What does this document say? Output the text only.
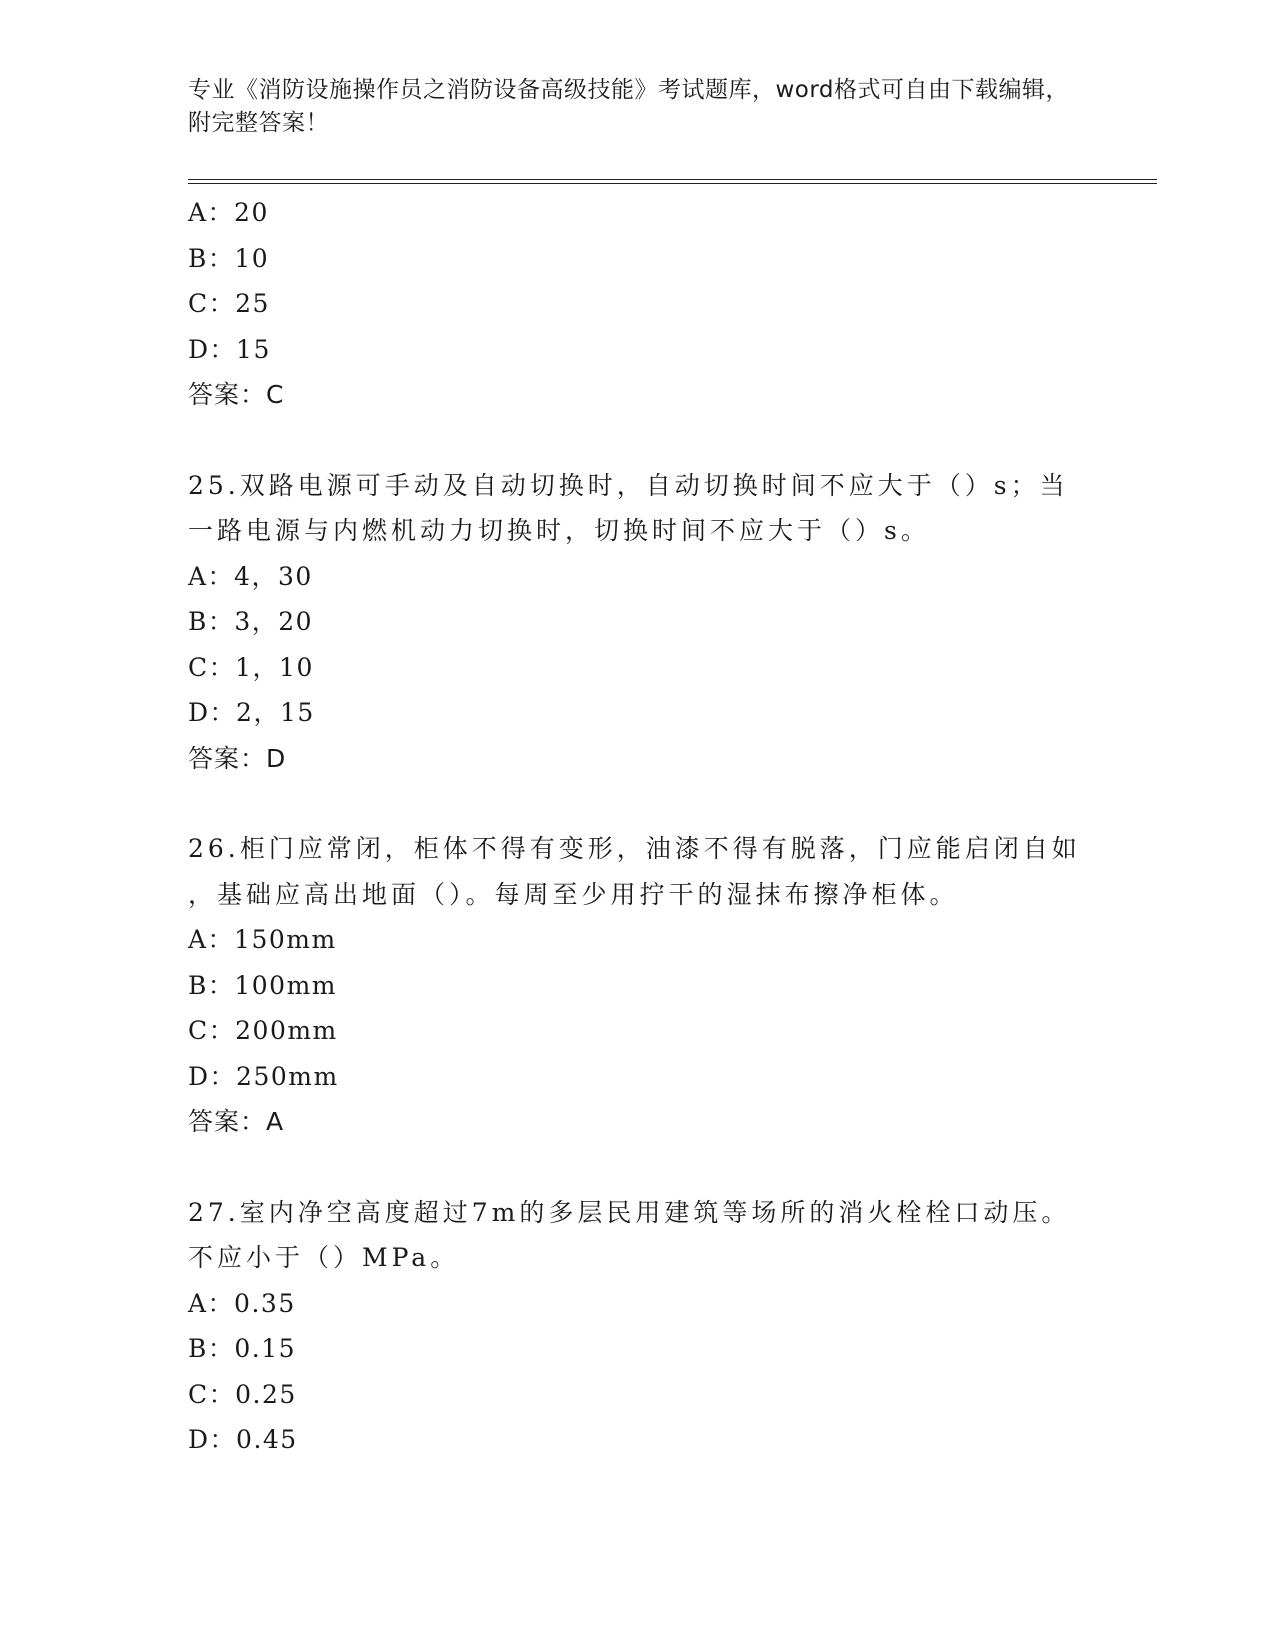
专业《消防设施操作员之消防设备高级技能》考试题库，word格式可自由下载编辑，附完整答案！
A：20
B：10
C：25
D：15
答案：C
25.双路电源可手动及自动切换时，自动切换时间不应大于（）s；当
一路电源与内燃机动力切换时，切换时间不应大于（）s。
A：4，30
B：3，20
C：1，10
D：2，15
答案：D
26.柜门应常闭，柜体不得有变形，油漆不得有脱落，门应能启闭自如
，基础应高出地面（）。每周至少用拧干的湿抹布擦净柜体。
A：150mm
B：100mm
C：200mm
D：250mm
答案：A
27.室内净空高度超过7m的多层民用建筑等场所的消火栓栓口动压。
不应小于（）MPa。
A：0.35
B：0.15
C：0.25
D：0.45
